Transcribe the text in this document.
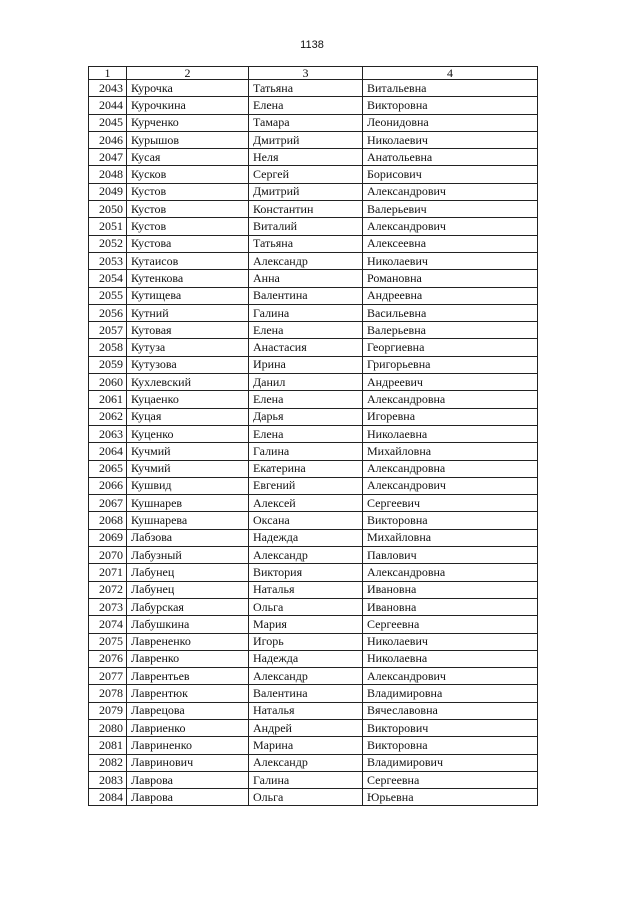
1138
1	2	3	4
2043	Курочка	Татьяна	Витальевна
2044	Курочкина	Елена	Викторовна
2045	Курченко	Тамара	Леонидовна
2046	Курышов	Дмитрий	Николаевич
2047	Кусая	Неля	Анатольевна
2048	Кусков	Сергей	Борисович
2049	Кустов	Дмитрий	Александрович
2050	Кустов	Константин	Валерьевич
2051	Кустов	Виталий	Александрович
2052	Кустова	Татьяна	Алексеевна
2053	Кутаисов	Александр	Николаевич
2054	Кутенкова	Анна	Романовна
2055	Кутищева	Валентина	Андреевна
2056	Кутний	Галина	Васильевна
2057	Кутовая	Елена	Валерьевна
2058	Кутуза	Анастасия	Георгиевна
2059	Кутузова	Ирина	Григорьевна
2060	Кухлевский	Данил	Андреевич
2061	Куцаенко	Елена	Александровна
2062	Куцая	Дарья	Игоревна
2063	Куценко	Елена	Николаевна
2064	Кучмий	Галина	Михайловна
2065	Кучмий	Екатерина	Александровна
2066	Кушвид	Евгений	Александрович
2067	Кушнарев	Алексей	Сергеевич
2068	Кушнарева	Оксана	Викторовна
2069	Лабзова	Надежда	Михайловна
2070	Лабузный	Александр	Павлович
2071	Лабунец	Виктория	Александровна
2072	Лабунец	Наталья	Ивановна
2073	Лабурская	Ольга	Ивановна
2074	Лабушкина	Мария	Сергеевна
2075	Лаврененко	Игорь	Николаевич
2076	Лавренко	Надежда	Николаевна
2077	Лаврентьев	Александр	Александрович
2078	Лаврентюк	Валентина	Владимировна
2079	Лаврецова	Наталья	Вячеславовна
2080	Лавриенко	Андрей	Викторович
2081	Лавриненко	Марина	Викторовна
2082	Лавринович	Александр	Владимирович
2083	Лаврова	Галина	Сергеевна
2084	Лаврова	Ольга	Юрьевна
